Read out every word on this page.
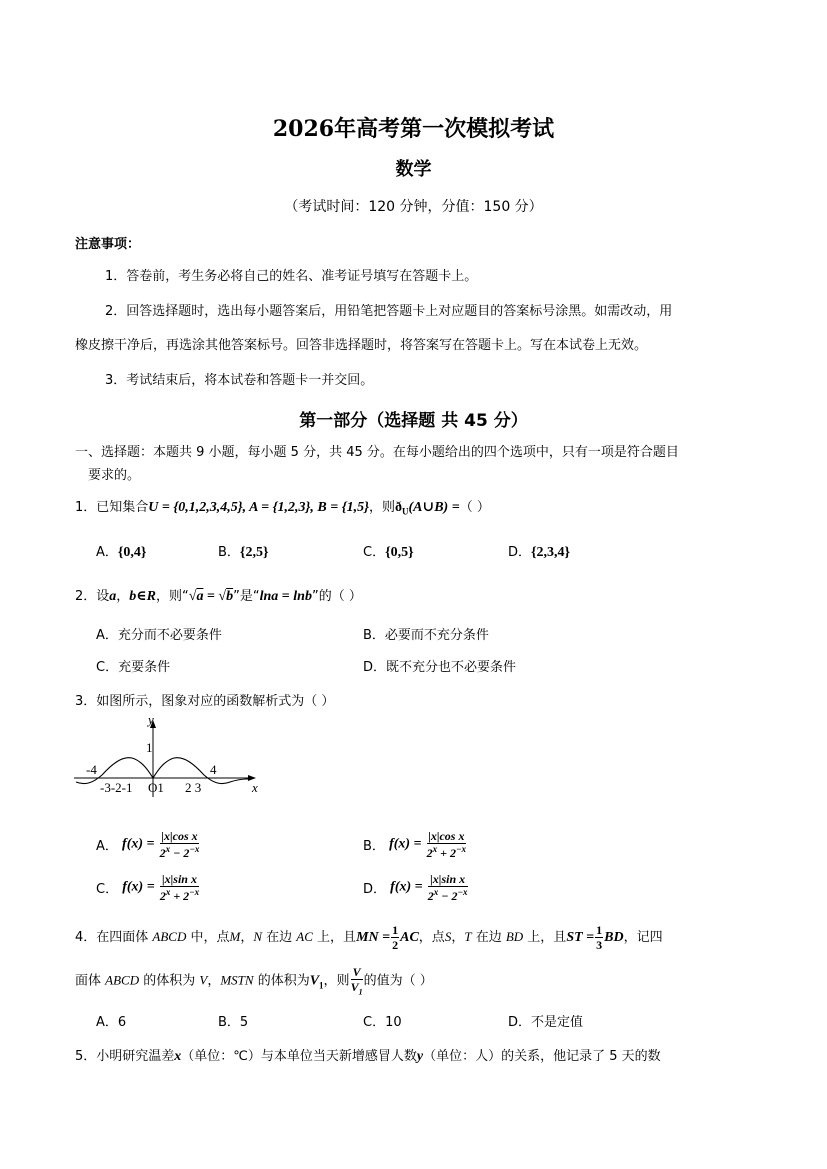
2026年高考第一次模拟考试
数学
（考试时间：120 分钟，分值：150 分）
注意事项：
1．答卷前，考生务必将自己的姓名、准考证号填写在答题卡上。
2．回答选择题时，选出每小题答案后，用铅笔把答题卡上对应题目的答案标号涂黑。如需改动，用
橡皮擦干净后，再选涂其他答案标号。回答非选择题时，将答案写在答题卡上。写在本试卷上无效。
3．考试结束后，将本试卷和答题卡一并交回。
第一部分（选择题 共 45 分）
一、选择题：本题共 9 小题，每小题 5 分，共 45 分。在每小题给出的四个选项中，只有一项是符合题目
要求的。
1．已知集合U = {0,1,2,3,4,5}, A = {1,2,3}, B = {1,5}，则$ð_U(A\cup B)$ =（ ）
A．{0,4}	B．{2,5}	C．{0,5}	D．{2,3,4}
2．设a，b∈R，则“√a = √b”是“lna = lnb”的（ ）
A．充分而不必要条件	B．必要而不充分条件
C．充要条件	D．既不充分也不必要条件
3．如图所示，图象对应的函数解析式为（ ）
y
x
1
-4	4
-3-2-1 O1 2 3
A． $f(x) = \frac{\text{|x|cos x}}{2^x - 2^{-x}}$	B． $f(x) = \frac{\text{|x|cos x}}{2^x + 2^{-x}}$
C． $f(x) = \frac{\text{|x|sin x}}{2^x + 2^{-x}}$	D． $f(x) = \frac{\text{|x|sin x}}{2^x - 2^{-x}}$
4．在四面体 ABCD 中，点M，N 在边 AC 上，且MN = $\frac{1}{2}$ AC，点S，T 在边 BD 上，且ST = $\frac{1}{3}$ BD，记四
面体 ABCD 的体积为 V，MSTN 的体积为$V_1$，则 $\frac{V}{V_1}$ 的值为（ ）
A．6	B．5	C．10	D．不是定值
5．小明研究温差x（单位：℃）与本单位当天新增感冒人数y（单位：人）的关系，他记录了 5 天的数
